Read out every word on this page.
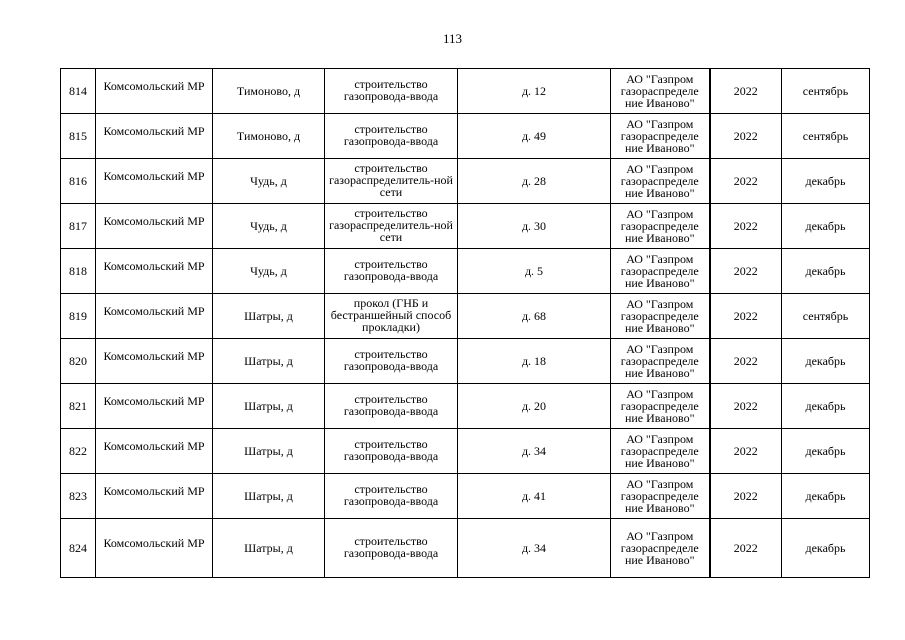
113
814	Комсомольский МР	Тимоново, д	строительство газопровода-ввода	д. 12	АО "Газпром газораспределе ние Иваново"	2022	сентябрь
815	Комсомольский МР	Тимоново, д	строительство газопровода-ввода	д. 49	АО "Газпром газораспределе ние Иваново"	2022	сентябрь
816	Комсомольский МР	Чудь, д	строительство газораспределитель-ной сети	д. 28	АО "Газпром газораспределе ние Иваново"	2022	декабрь
817	Комсомольский МР	Чудь, д	строительство газораспределитель-ной сети	д. 30	АО "Газпром газораспределе ние Иваново"	2022	декабрь
818	Комсомольский МР	Чудь, д	строительство газопровода-ввода	д. 5	АО "Газпром газораспределе ние Иваново"	2022	декабрь
819	Комсомольский МР	Шатры, д	прокол (ГНБ и бестраншейный способ прокладки)	д. 68	АО "Газпром газораспределе ние Иваново"	2022	сентябрь
820	Комсомольский МР	Шатры, д	строительство газопровода-ввода	д. 18	АО "Газпром газораспределе ние Иваново"	2022	декабрь
821	Комсомольский МР	Шатры, д	строительство газопровода-ввода	д. 20	АО "Газпром газораспределе ние Иваново"	2022	декабрь
822	Комсомольский МР	Шатры, д	строительство газопровода-ввода	д. 34	АО "Газпром газораспределе ние Иваново"	2022	декабрь
823	Комсомольский МР	Шатры, д	строительство газопровода-ввода	д. 41	АО "Газпром газораспределе ние Иваново"	2022	декабрь
824	Комсомольский МР	Шатры, д	строительство газопровода-ввода	д. 34	АО "Газпром газораспределе ние Иваново"	2022	декабрь
